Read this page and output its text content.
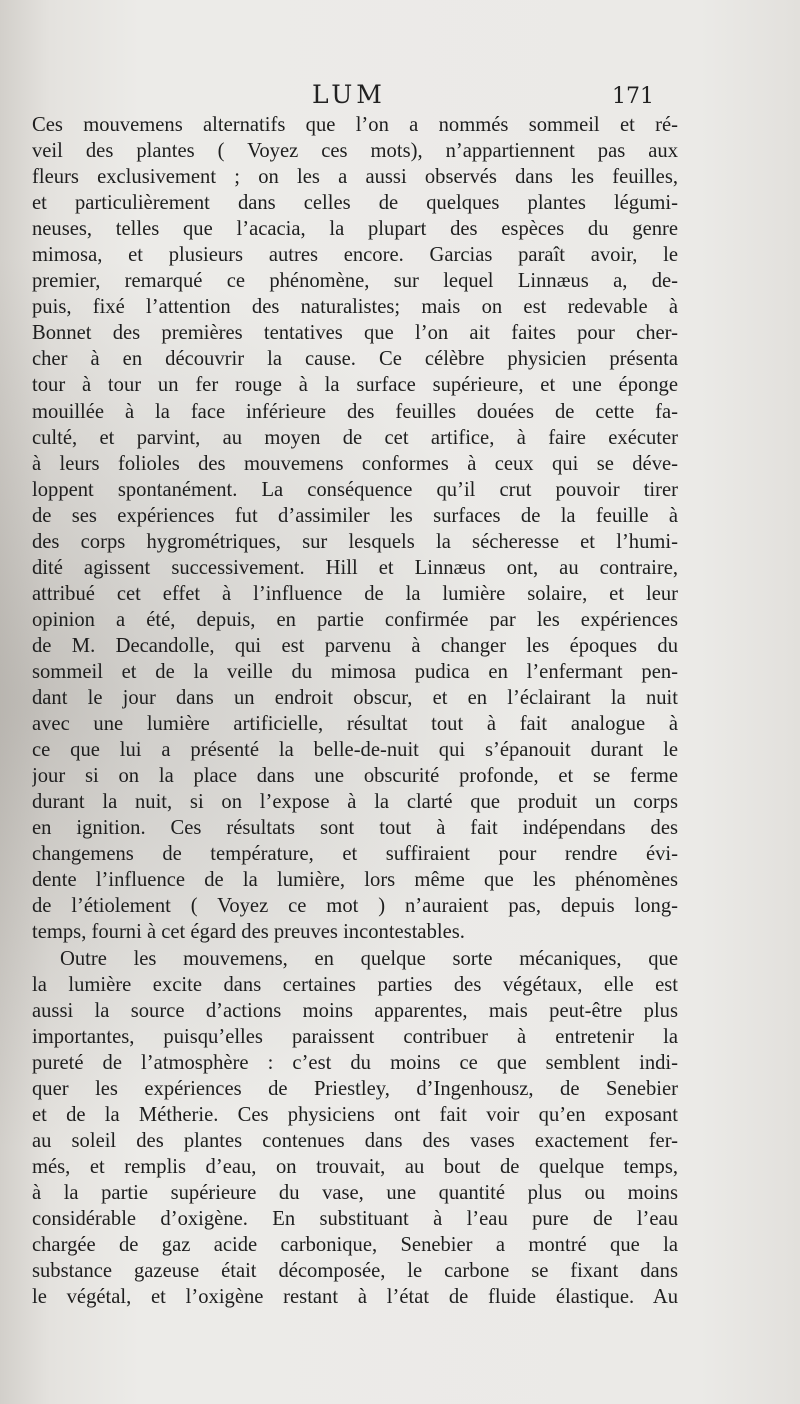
LUM	171
Ces mouvemens alternatifs que l’on a nommés sommeil et ré-
veil des plantes ( Voyez ces mots), n’appartiennent pas aux
fleurs exclusivement ; on les a aussi observés dans les feuilles,
et particulièrement dans celles de quelques plantes légumi-
neuses, telles que l’acacia, la plupart des espèces du genre
mimosa, et plusieurs autres encore. Garcias paraît avoir, le
premier, remarqué ce phénomène, sur lequel Linnæus a, de-
puis, fixé l’attention des naturalistes; mais on est redevable à
Bonnet des premières tentatives que l’on ait faites pour cher-
cher à en découvrir la cause. Ce célèbre physicien présenta
tour à tour un fer rouge à la surface supérieure, et une éponge
mouillée à la face inférieure des feuilles douées de cette fa-
culté, et parvint, au moyen de cet artifice, à faire exécuter
à leurs folioles des mouvemens conformes à ceux qui se déve-
loppent spontanément. La conséquence qu’il crut pouvoir tirer
de ses expériences fut d’assimiler les surfaces de la feuille à
des corps hygrométriques, sur lesquels la sécheresse et l’humi-
dité agissent successivement. Hill et Linnæus ont, au contraire,
attribué cet effet à l’influence de la lumière solaire, et leur
opinion a été, depuis, en partie confirmée par les expériences
de M. Decandolle, qui est parvenu à changer les époques du
sommeil et de la veille du mimosa pudica en l’enfermant pen-
dant le jour dans un endroit obscur, et en l’éclairant la nuit
avec une lumière artificielle, résultat tout à fait analogue à
ce que lui a présenté la belle-de-nuit qui s’épanouit durant le
jour si on la place dans une obscurité profonde, et se ferme
durant la nuit, si on l’expose à la clarté que produit un corps
en ignition. Ces résultats sont tout à fait indépendans des
changemens de température, et suffiraient pour rendre évi-
dente l’influence de la lumière, lors même que les phénomènes
de l’étiolement ( Voyez ce mot ) n’auraient pas, depuis long-
temps, fourni à cet égard des preuves incontestables.
Outre les mouvemens, en quelque sorte mécaniques, que
la lumière excite dans certaines parties des végétaux, elle est
aussi la source d’actions moins apparentes, mais peut-être plus
importantes, puisqu’elles paraissent contribuer à entretenir la
pureté de l’atmosphère : c’est du moins ce que semblent indi-
quer les expériences de Priestley, d’Ingenhousz, de Senebier
et de la Métherie. Ces physiciens ont fait voir qu’en exposant
au soleil des plantes contenues dans des vases exactement fer-
més, et remplis d’eau, on trouvait, au bout de quelque temps,
à la partie supérieure du vase, une quantité plus ou moins
considérable d’oxigène. En substituant à l’eau pure de l’eau
chargée de gaz acide carbonique, Senebier a montré que la
substance gazeuse était décomposée, le carbone se fixant dans
le végétal, et l’oxigène restant à l’état de fluide élastique. Au
